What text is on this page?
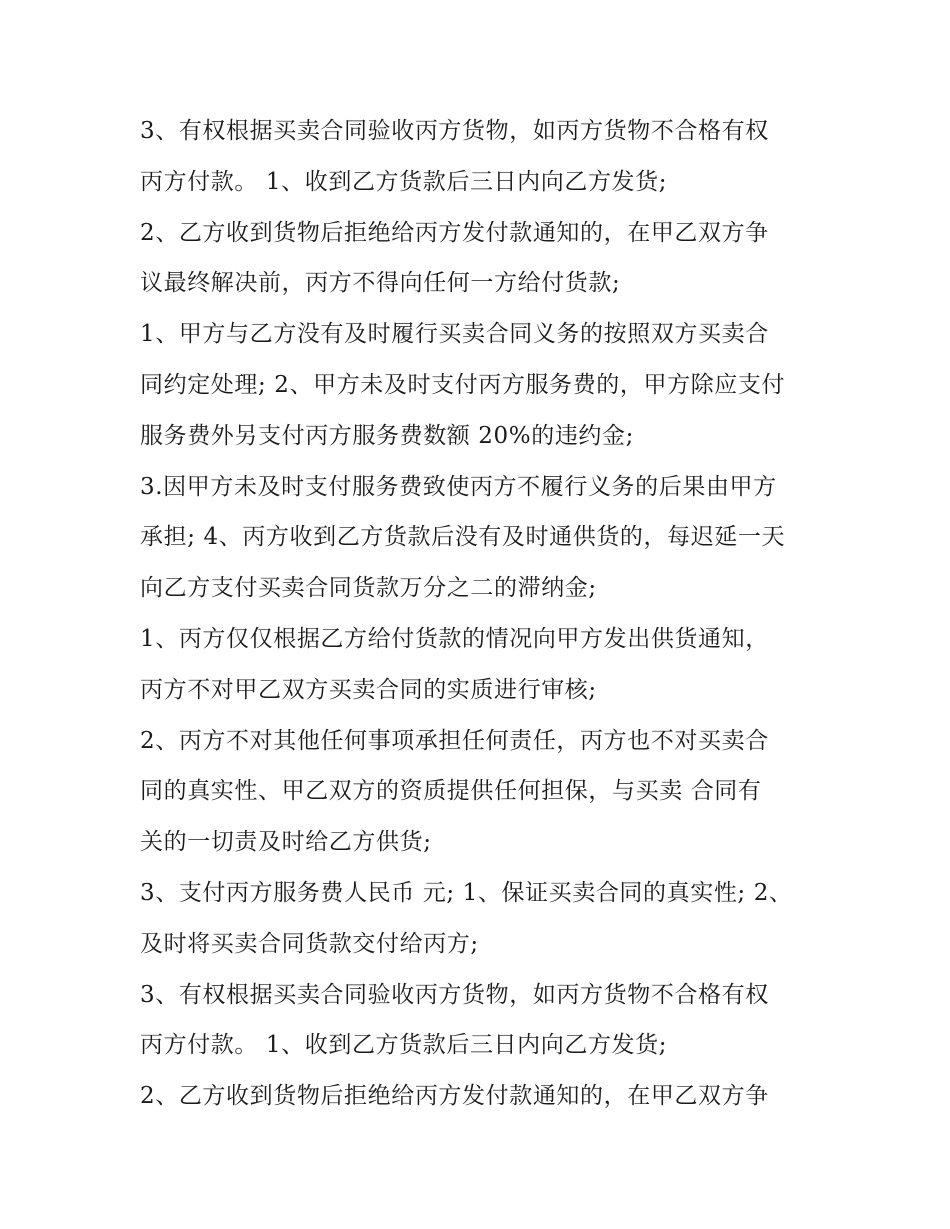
3、有权根据买卖合同验收丙方货物，如丙方货物不合格有权
丙方付款。 1、收到乙方货款后三日内向乙方发货;
2、乙方收到货物后拒绝给丙方发付款通知的，在甲乙双方争
议最终解决前，丙方不得向任何一方给付货款;
1、甲方与乙方没有及时履行买卖合同义务的按照双方买卖合
同约定处理; 2、甲方未及时支付丙方服务费的，甲方除应支付
服务费外另支付丙方服务费数额 20%的违约金;
3.因甲方未及时支付服务费致使丙方不履行义务的后果由甲方
承担; 4、丙方收到乙方货款后没有及时通供货的，每迟延一天
向乙方支付买卖合同货款万分之二的滞纳金;
1、丙方仅仅根据乙方给付货款的情况向甲方发出供货通知，
丙方不对甲乙双方买卖合同的实质进行审核;
2、丙方不对其他任何事项承担任何责任，丙方也不对买卖合
同的真实性、甲乙双方的资质提供任何担保，与买卖 合同有
关的一切责及时给乙方供货;
3、支付丙方服务费人民币 元; 1、保证买卖合同的真实性; 2、
及时将买卖合同货款交付给丙方;
3、有权根据买卖合同验收丙方货物，如丙方货物不合格有权
丙方付款。 1、收到乙方货款后三日内向乙方发货;
2、乙方收到货物后拒绝给丙方发付款通知的，在甲乙双方争
